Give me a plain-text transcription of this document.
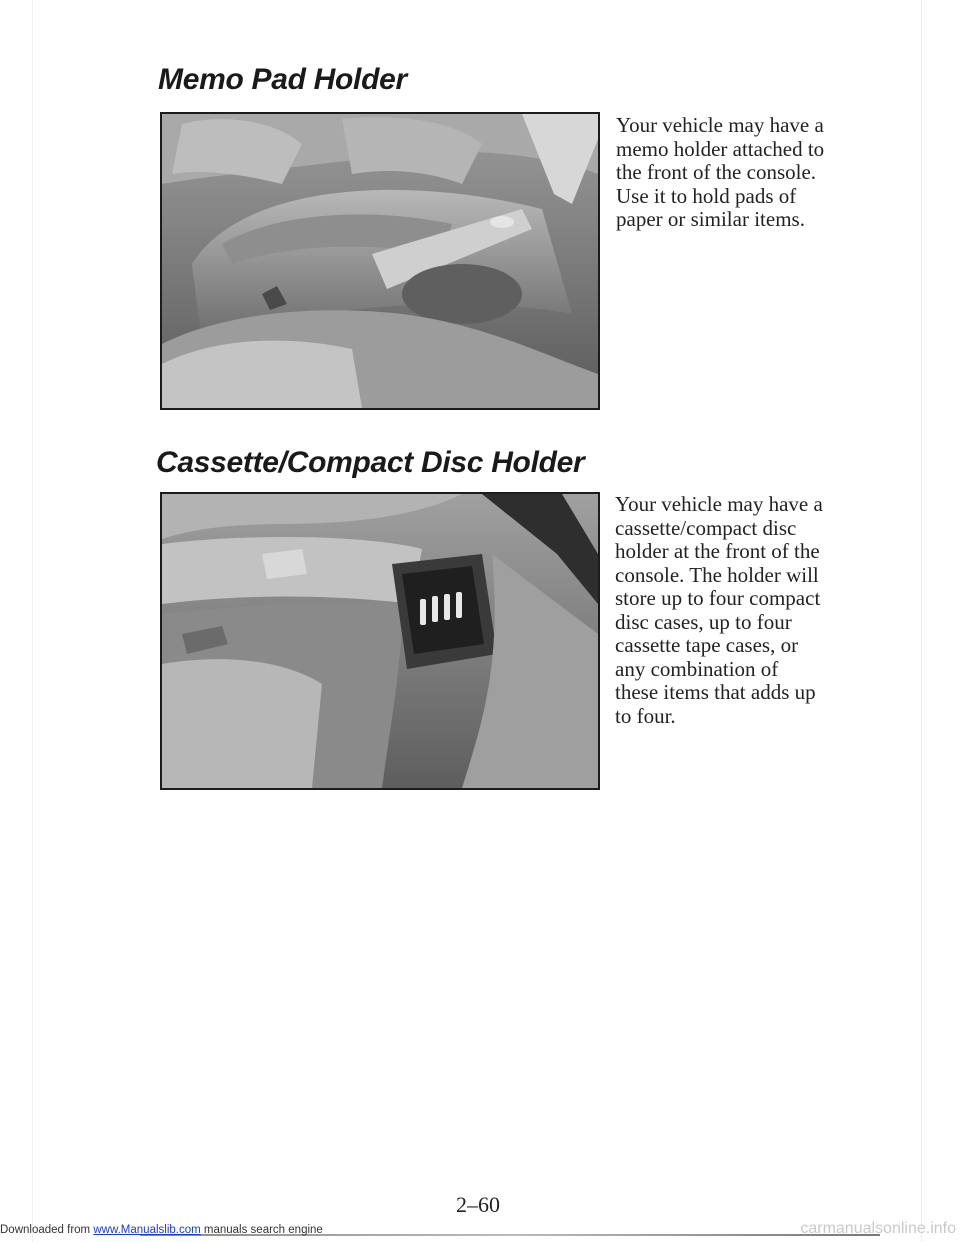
Memo Pad Holder

Your vehicle may have a memo holder attached to the front of the console. Use it to hold pads of paper or similar items.

Cassette/Compact Disc Holder

Your vehicle may have a cassette/compact disc holder at the front of the console. The holder will store up to four compact disc cases, up to four cassette tape cases, or any combination of these items that adds up to four.

2–60

Downloaded from www.Manualslib.com manuals search engine	carmanualsonline.info
